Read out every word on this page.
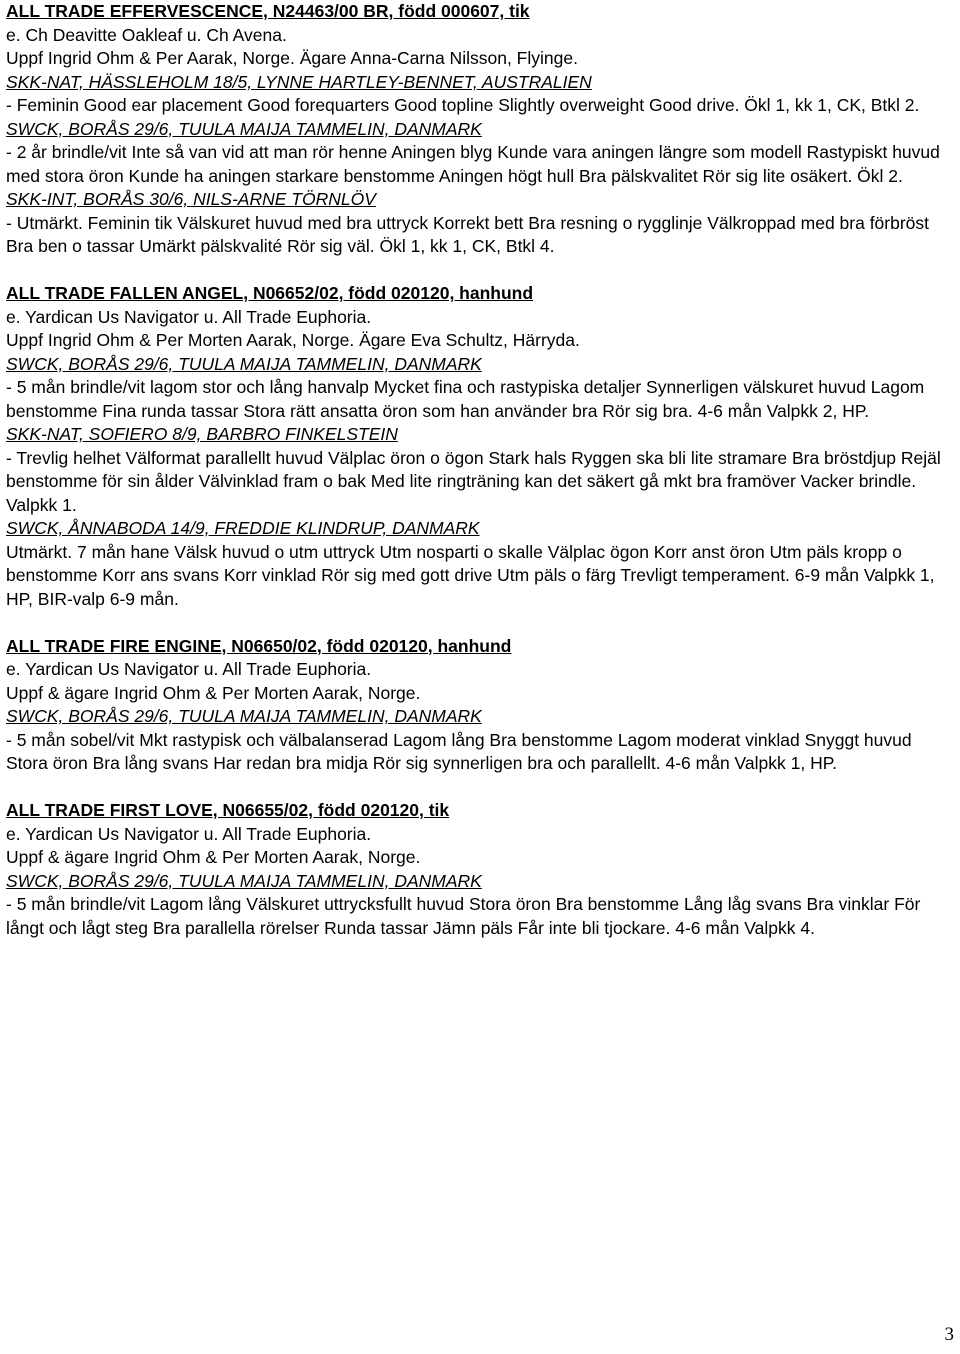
ALL TRADE EFFERVESCENCE, N24463/00 BR, född 000607, tik
e. Ch Deavitte Oakleaf u. Ch Avena.
Uppf Ingrid Ohm & Per Aarak, Norge. Ägare Anna-Carna Nilsson, Flyinge.
SKK-NAT, HÄSSLEHOLM 18/5, LYNNE HARTLEY-BENNET, AUSTRALIEN
- Feminin Good ear placement Good forequarters Good topline Slightly overweight Good drive. Ökl 1, kk 1, CK, Btkl 2.
SWCK, BORÅS 29/6, TUULA MAIJA TAMMELIN, DANMARK
- 2 år brindle/vit Inte så van vid att man rör henne Aningen blyg Kunde vara aningen längre som modell Rastypiskt huvud med stora öron Kunde ha aningen starkare benstomme Aningen högt hull Bra pälskvalitet Rör sig lite osäkert. Ökl 2.
SKK-INT, BORÅS 30/6, NILS-ARNE TÖRNLÖV
- Utmärkt. Feminin tik Välskuret huvud med bra uttryck Korrekt bett Bra resning o rygglinje Välkroppad med bra förbröst Bra ben o tassar Umärkt pälskvalité Rör sig väl. Ökl 1, kk 1, CK, Btkl 4.
ALL TRADE FALLEN ANGEL, N06652/02, född 020120, hanhund
e. Yardican Us Navigator u. All Trade Euphoria.
Uppf Ingrid Ohm & Per Morten Aarak, Norge. Ägare Eva Schultz, Härryda.
SWCK, BORÅS 29/6, TUULA MAIJA TAMMELIN, DANMARK
- 5 mån brindle/vit lagom stor och lång hanvalp Mycket fina och rastypiska detaljer Synnerligen välskuret huvud Lagom benstomme Fina runda tassar Stora rätt ansatta öron som han använder bra Rör sig bra. 4-6 mån Valpkk 2, HP.
SKK-NAT, SOFIERO 8/9, BARBRO FINKELSTEIN
- Trevlig helhet Välformat parallellt huvud Välplac öron o ögon Stark hals Ryggen ska bli lite stramare Bra bröstdjup Rejäl benstomme för sin ålder Välvinklad fram o bak Med lite ringträning kan det säkert gå mkt bra framöver Vacker brindle. Valpkk 1.
SWCK, ÅNNABODA 14/9, FREDDIE KLINDRUP, DANMARK
Utmärkt. 7 mån hane Välsk huvud o utm uttryck Utm nosparti o skalle Välplac ögon Korr anst öron Utm päls kropp o benstomme Korr ans svans Korr vinklad Rör sig med gott drive Utm päls o färg Trevligt temperament. 6-9 mån Valpkk 1, HP, BIR-valp 6-9 mån.
ALL TRADE FIRE ENGINE, N06650/02, född 020120, hanhund
e. Yardican Us Navigator u. All Trade Euphoria.
Uppf & ägare Ingrid Ohm & Per Morten Aarak, Norge.
SWCK, BORÅS 29/6, TUULA MAIJA TAMMELIN, DANMARK
- 5 mån sobel/vit Mkt rastypisk och välbalanserad Lagom lång Bra benstomme Lagom moderat vinklad Snyggt huvud Stora öron Bra lång svans Har redan bra midja Rör sig synnerligen bra och parallellt. 4-6 mån Valpkk 1, HP.
ALL TRADE FIRST LOVE, N06655/02, född 020120, tik
e. Yardican Us Navigator u. All Trade Euphoria.
Uppf & ägare Ingrid Ohm & Per Morten Aarak, Norge.
SWCK, BORÅS 29/6, TUULA MAIJA TAMMELIN, DANMARK
- 5 mån brindle/vit Lagom lång Välskuret uttrycksfullt huvud Stora öron Bra benstomme Lång låg svans Bra vinklar För långt och lågt steg Bra parallella rörelser Runda tassar Jämn päls Får inte bli tjockare. 4-6 mån Valpkk 4.
3
